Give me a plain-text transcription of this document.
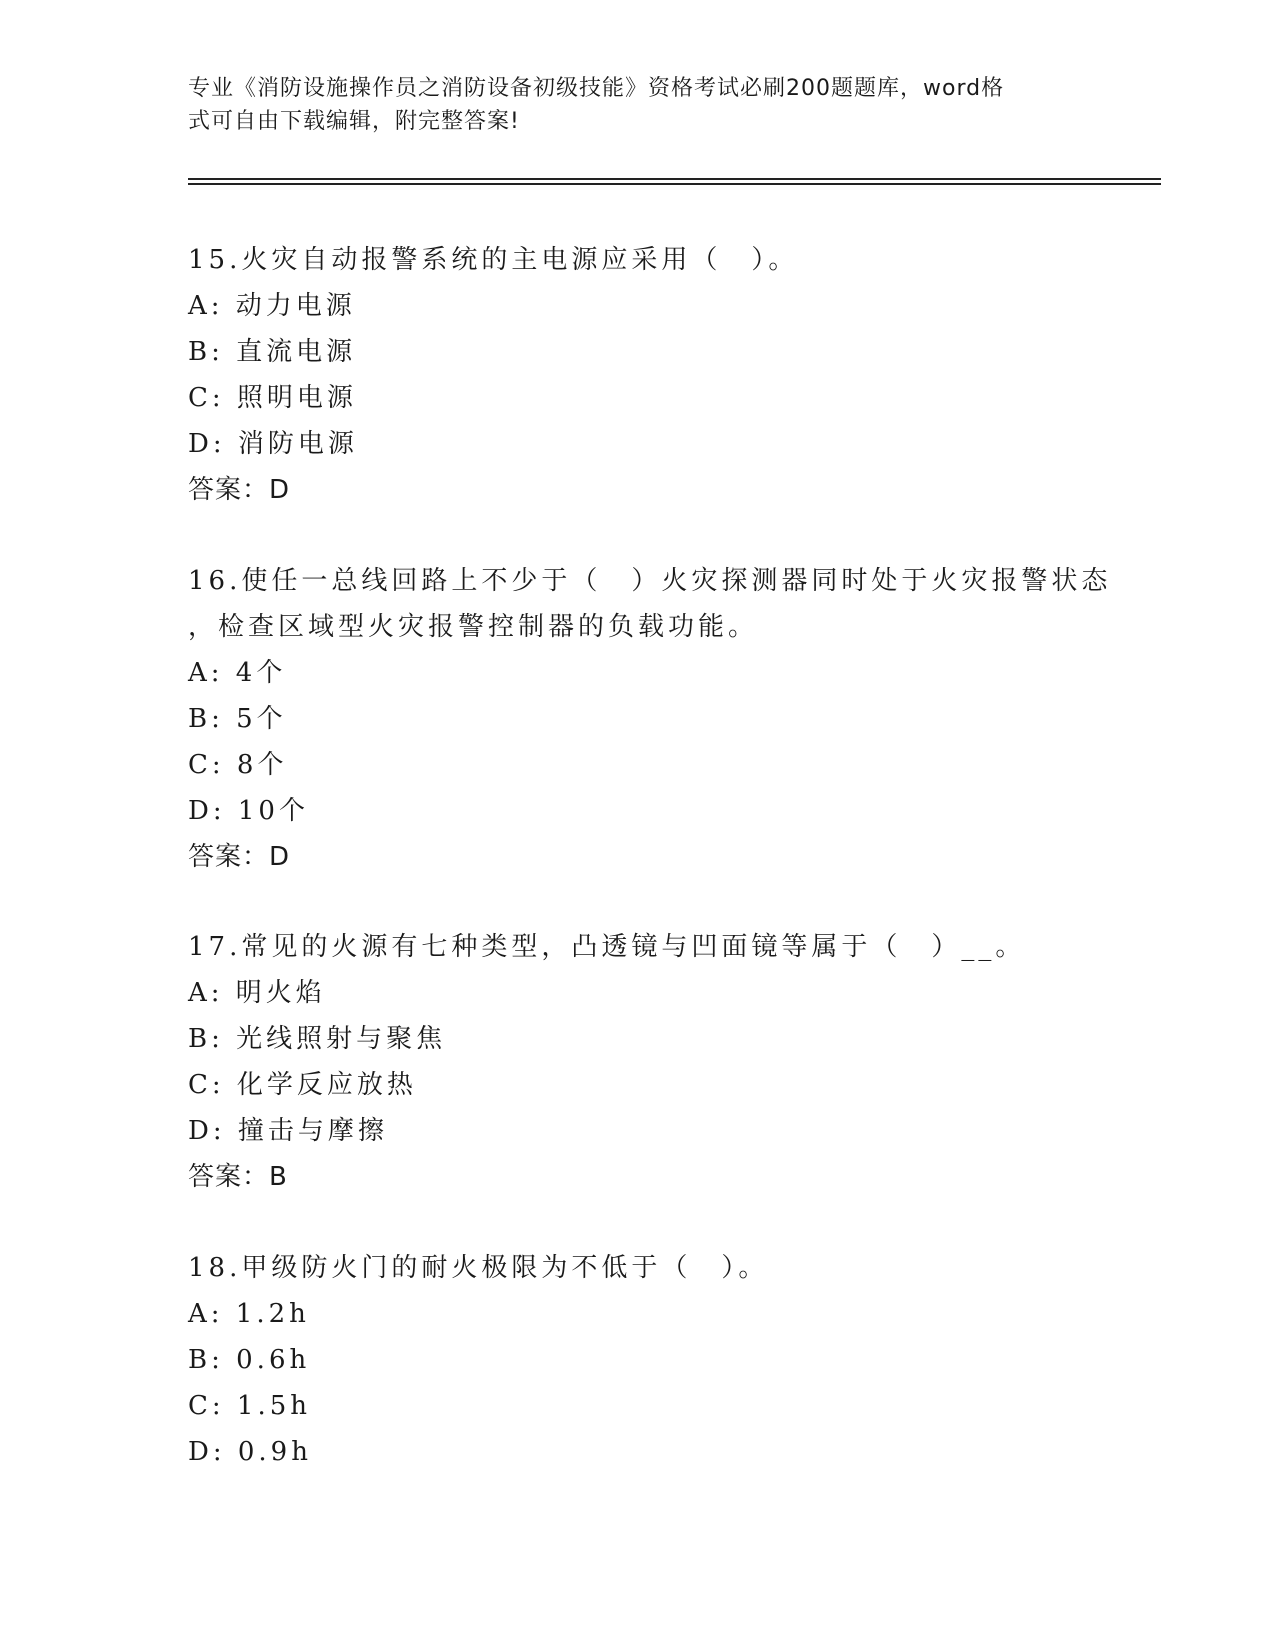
专业《消防设施操作员之消防设备初级技能》资格考试必刷200题题库，word格
式可自由下载编辑，附完整答案!
15.火灾自动报警系统的主电源应采用（　）。
A: 动力电源
B: 直流电源
C: 照明电源
D: 消防电源
答案：D
16.使任一总线回路上不少于（　）火灾探测器同时处于火灾报警状态
，检查区域型火灾报警控制器的负载功能。
A: 4个
B: 5个
C: 8个
D: 10个
答案：D
17.常见的火源有七种类型，凸透镜与凹面镜等属于（　）__。
A: 明火焰
B: 光线照射与聚焦
C: 化学反应放热
D: 撞击与摩擦
答案：B
18.甲级防火门的耐火极限为不低于（　）。
A: 1.2h
B: 0.6h
C: 1.5h
D: 0.9h
